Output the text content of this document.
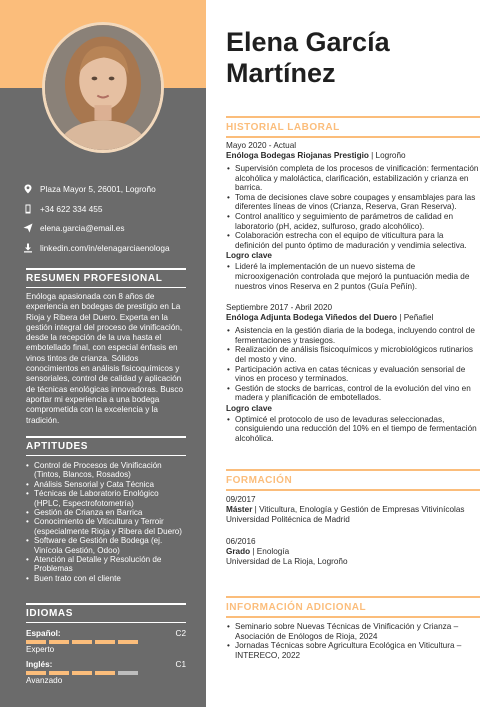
Plaza Mayor 5, 26001, Logroño
+34 622 334 455
elena.garcia@email.es
linkedin.com/in/elenagarciaenologa
RESUMEN PROFESIONAL

Enóloga apasionada con 8 años de experiencia en bodegas de prestigio en La Rioja y Ribera del Duero. Experta en la gestión integral del proceso de vinificación, desde la recepción de la uva hasta el embotellado final, con especial énfasis en vinos tintos de crianza. Sólidos conocimientos en análisis fisicoquímicos y sensoriales, control de calidad y aplicación de técnicas enológicas innovadoras. Busco aportar mi experiencia a una bodega comprometida con la excelencia y la tradición.

APTITUDES
• Control de Procesos de Vinificación (Tintos, Blancos, Rosados)
• Análisis Sensorial y Cata Técnica
• Técnicas de Laboratorio Enológico (HPLC, Espectrofotometría)
• Gestión de Crianza en Barrica
• Conocimiento de Viticultura y Terroir (especialmente Rioja y Ribera del Duero)
• Software de Gestión de Bodega (ej. Vinícola Gestión, Odoo)
• Atención al Detalle y Resolución de Problemas
• Buen trato con el cliente
IDIOMAS
Español:	C2
Experto
Inglés:	C1
Avanzado
Elena García
Martínez
HISTORIAL LABORAL
Mayo 2020 - Actual
Enóloga Bodegas Riojanas Prestigio | Logroño
• Supervisión completa de los procesos de vinificación: fermentación alcohólica y maloláctica, clarificación, estabilización y crianza en barrica.
• Toma de decisiones clave sobre coupages y ensamblajes para las diferentes líneas de vinos (Crianza, Reserva, Gran Reserva).
• Control analítico y seguimiento de parámetros de calidad en laboratorio (pH, acidez, sulfuroso, grado alcohólico).
• Colaboración estrecha con el equipo de viticultura para la definición del punto óptimo de maduración y vendimia selectiva.
Logro clave
• Lideré la implementación de un nuevo sistema de microoxigenación controlada que mejoró la puntuación media de nuestros vinos Reserva en 2 puntos (Guía Peñín).
Septiembre 2017 - Abril 2020
Enóloga Adjunta Bodega Viñedos del Duero | Peñafiel
• Asistencia en la gestión diaria de la bodega, incluyendo control de fermentaciones y trasiegos.
• Realización de análisis fisicoquímicos y microbiológicos rutinarios del mosto y vino.
• Participación activa en catas técnicas y evaluación sensorial de vinos en proceso y terminados.
• Gestión de stocks de barricas, control de la evolución del vino en madera y planificación de embotellados.
Logro clave
• Optimicé el protocolo de uso de levaduras seleccionadas, consiguiendo una reducción del 10% en el tiempo de fermentación alcohólica.
FORMACIÓN
09/2017
Máster | Viticultura, Enología y Gestión de Empresas Vitivinícolas
Universidad Politécnica de Madrid
06/2016
Grado | Enología
Universidad de La Rioja, Logroño
INFORMACIÓN ADICIONAL
• Seminario sobre Nuevas Técnicas de Vinificación y Crianza – Asociación de Enólogos de Rioja, 2024
• Jornadas Técnicas sobre Agricultura Ecológica en Viticultura – INTERECO, 2022
